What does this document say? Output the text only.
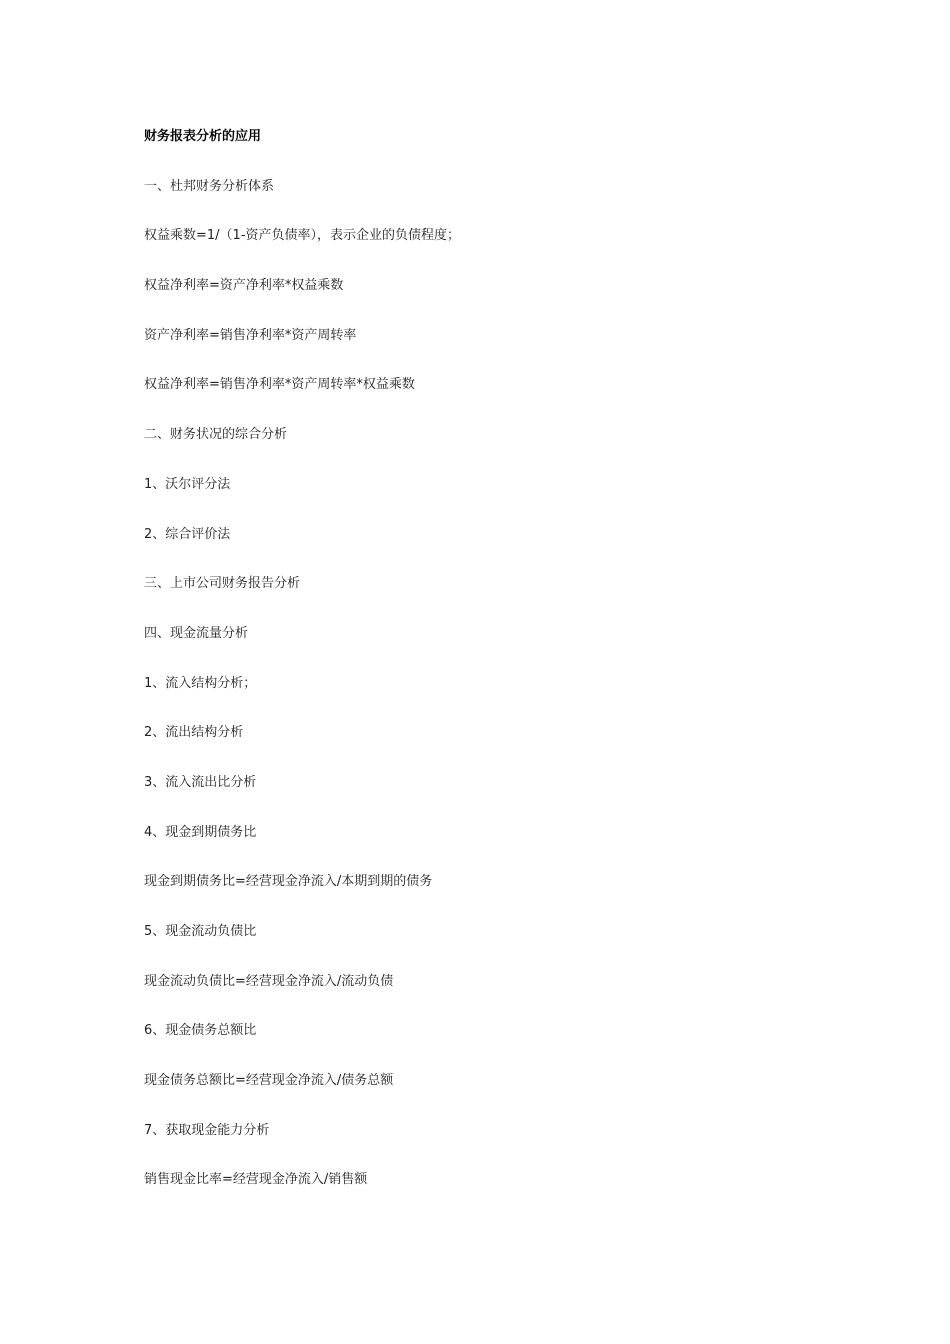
财务报表分析的应用
一、杜邦财务分析体系
权益乘数=1/（1-资产负债率），表示企业的负债程度；
权益净利率=资产净利率*权益乘数
资产净利率=销售净利率*资产周转率
权益净利率=销售净利率*资产周转率*权益乘数
二、财务状况的综合分析
1、沃尔评分法
2、综合评价法
三、上市公司财务报告分析
四、现金流量分析
1、流入结构分析；
2、流出结构分析
3、流入流出比分析
4、现金到期债务比
现金到期债务比=经营现金净流入/本期到期的债务
5、现金流动负债比
现金流动负债比=经营现金净流入/流动负债
6、现金债务总额比
现金债务总额比=经营现金净流入/债务总额
7、获取现金能力分析
销售现金比率=经营现金净流入/销售额
